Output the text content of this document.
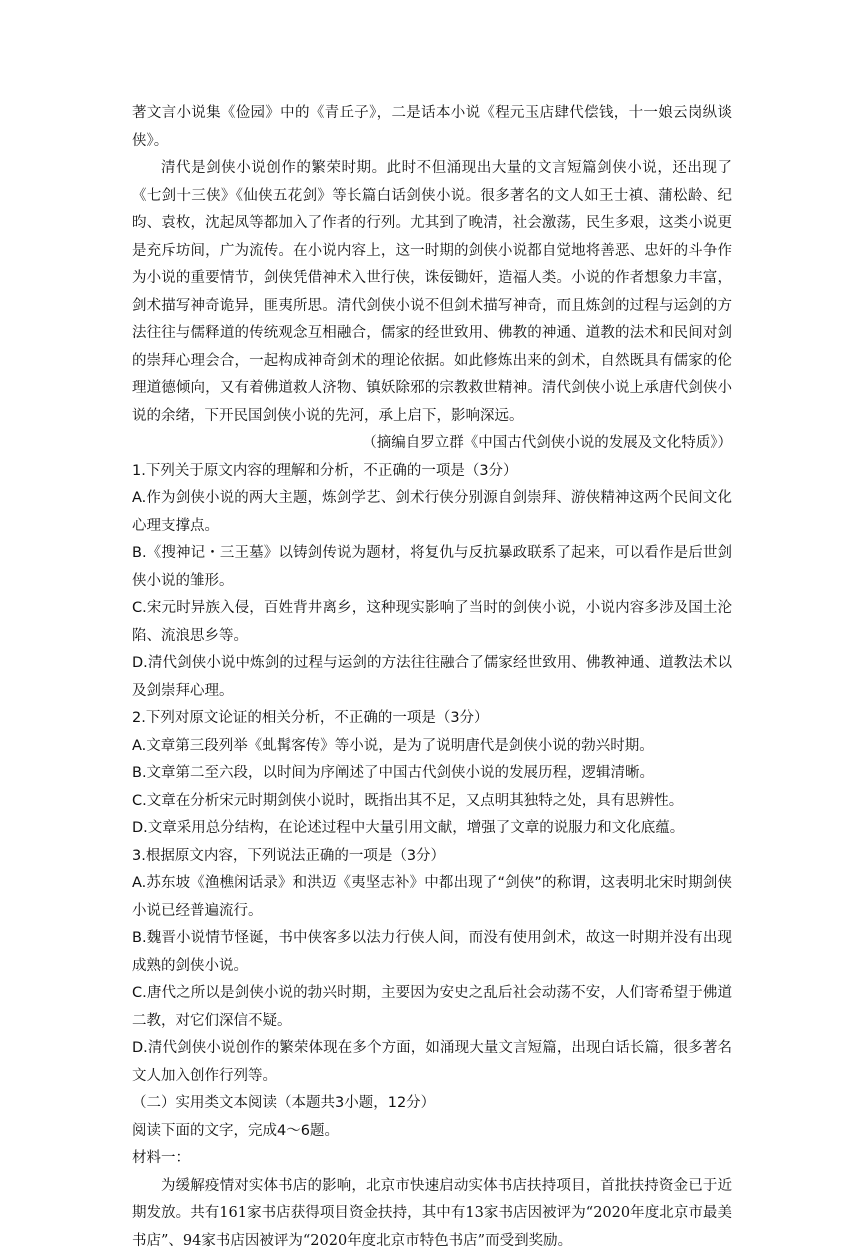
著文言小说集《俭园》中的《青丘子》，二是话本小说《程元玉店肆代偿钱，十一娘云岗纵谈侠》。

清代是剑侠小说创作的繁荣时期。此时不但涌现出大量的文言短篇剑侠小说，还出现了《七剑十三侠》《仙侠五花剑》等长篇白话剑侠小说。很多著名的文人如王士禛、蒲松龄、纪昀、袁枚，沈起凤等都加入了作者的行列。尤其到了晚清，社会激荡，民生多艰，这类小说更是充斥坊间，广为流传。在小说内容上，这一时期的剑侠小说都自觉地将善恶、忠奸的斗争作为小说的重要情节，剑侠凭借神术入世行侠，诛佞锄奸，造福人类。小说的作者想象力丰富，剑术描写神奇诡异，匪夷所思。清代剑侠小说不但剑术描写神奇，而且炼剑的过程与运剑的方法往往与儒释道的传统观念互相融合，儒家的经世致用、佛教的神通、道教的法术和民间对剑的崇拜心理会合，一起构成神奇剑术的理论依据。如此修炼出来的剑术，自然既具有儒家的伦理道德倾向，又有着佛道救人济物、镇妖除邪的宗教救世精神。清代剑侠小说上承唐代剑侠小说的余绪，下开民国剑侠小说的先河，承上启下，影响深远。

（摘编自罗立群《中国古代剑侠小说的发展及文化特质》）

1.下列关于原文内容的理解和分析，不正确的一项是（3分）

A.作为剑侠小说的两大主题，炼剑学艺、剑术行侠分别源自剑崇拜、游侠精神这两个民间文化心理支撑点。

B.《搜神记・三王墓》以铸剑传说为题材，将复仇与反抗暴政联系了起来，可以看作是后世剑侠小说的雏形。

C.宋元时异族入侵，百姓背井离乡，这种现实影响了当时的剑侠小说，小说内容多涉及国土沦陷、流浪思乡等。

D.清代剑侠小说中炼剑的过程与运剑的方法往往融合了儒家经世致用、佛教神通、道教法术以及剑崇拜心理。

2.下列对原文论证的相关分析，不正确的一项是（3分）

A.文章第三段列举《虬髯客传》等小说，是为了说明唐代是剑侠小说的勃兴时期。

B.文章第二至六段，以时间为序阐述了中国古代剑侠小说的发展历程，逻辑清晰。

C.文章在分析宋元时期剑侠小说时，既指出其不足，又点明其独特之处，具有思辨性。

D.文章采用总分结构，在论述过程中大量引用文献，增强了文章的说服力和文化底蕴。

3.根据原文内容，下列说法正确的一项是（3分）

A.苏东坡《渔樵闲话录》和洪迈《夷坚志补》中都出现了“剑侠”的称谓，这表明北宋时期剑侠小说已经普遍流行。

B.魏晋小说情节怪诞，书中侠客多以法力行侠人间，而没有使用剑术，故这一时期并没有出现成熟的剑侠小说。

C.唐代之所以是剑侠小说的勃兴时期，主要因为安史之乱后社会动荡不安，人们寄希望于佛道二教，对它们深信不疑。

D.清代剑侠小说创作的繁荣体现在多个方面，如涌现大量文言短篇，出现白话长篇，很多著名文人加入创作行列等。

（二）实用类文本阅读（本题共3小题，12分）

阅读下面的文字，完成4～6题。

材料一：

为缓解疫情对实体书店的影响，北京市快速启动实体书店扶持项目，首批扶持资金已于近期发放。共有161家书店获得项目资金扶持，其中有13家书店因被评为“2020年度北京市最美书店”、94家书店因被评为“2020年度北京市特色书店”而受到奖励。
